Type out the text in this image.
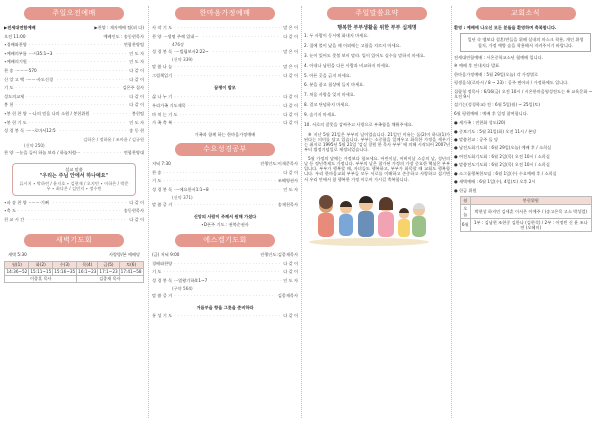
주일오전예배
▶전세대연합예배	▶찬양 : 제자예배 팀(외 다)
오전 11:00	예배인도 : 송동현목사
∙경배와찬양 · · ·	연합찬양팀
∙예배의부름 ···시35:1~3 · · ·	인 도 자
∙예배의기원 · · ·	인 도 자
찬 송 ··········570 · · ·	다 같 이
신 앙 고 백 ········사도신경 · · ·	다 같 이
기 도 · · ·	김은주 집사
성도의교제 · · ·	다 같 이
봉 헌 · · ·	다 같 이
∙봉 헌 찬 양 ···나의 믿음 나의 소원 / 봉헌위원 · · ·	봉헌팀
∙봉 헌 기 도 · · ·	인 도 자
성 경 봉 독 ······로마서12:5 · · ·	송 동 현
김하은 / 정하윤 / 조아윤 / 김규원
(신약 250)
찬 양 ···눈을 들어 하늘 보라 / 하늘처럼··· · · ·	연합찬양대
설교 말씀
"우리는 주님 안에서 하나예요"
류시지 ∙ 박하린 / 윤지호 ∙ 김현재 / 오지민 ∙ 이하은 / 박준우 ∙ 최다은 / 김민지 ∙ 정수빈
∙파 송 찬 양 ·········기뻐 · · ·	다 같 이
∙축 도 · · ·	송동현목사
친 교 시 간 · · ·	다 같 이
새벽기도회
새벽 5:30	사랑방/본 예배당
월(1)	화(2)	수(3)	목(4)	금(5)	토(6)
14:36~52	15:11~15	15:16~35	16:1~23	17:1~23	17:41~58
이종훈 목사			김종재 목사		
한마음가정예배
사 작 기 도 · · ·	말 은 이
찬 양 ···생명 주께 있네··· · · ·	다 같 이
476장
성 경 봉 독 ····빌립보서2:22~ · · ·	말 은 이
(신약 339)
말 씀 나 눔 · · ·	말 은 이
그림책읽기 · · ·	다 같 이
꿈쟁이 밥모
삶 나 누 기 · · ·	다 같 이
우리가족 기도제목 · · ·	다 같 이
마 치 는 기 도 · · ·	다 같 이
가 족 축 복 · · ·	다 같 이
가족과 함께 하는 한마음가정예배
수요성경공부
저녁 7:30	진행인도:이재준목사
찬 송 · · ·	다 같 이
기 도 · · ·	조혜영권사
성 경 봉 독 ····에요한서1:1~8 · · ·	인 도 자
(신약 371)
말 씀 증 거 · · ·	송재천목사
신앙의 사람이 주께서 원해 가셨다
∙D폰주 기도 : 권북순권사
에스겔기도회
(금) 저녁 9:00	진행인도:김종재목사
경배와찬양 · · ·	다 같 이
기 도 · · ·	다 같 이
성 경 봉 독 ···열왕기하4:1~7 · · ·	인 도 자
(구약 564)
말 씀 증 거 · · ·	김종재목사
거듭부을 향을 그릇을 준비하라
통 성 기 도 · · ·	다 같 이
주일말씀요약
행복한 부부생활을 위한 부부 십계명

1. 두 사람이 동시에 화내지 마세요.

2. 집에 불이 났을 때 이외에는 고함을 지르지 마세요.

3. 눈이 있어도 못볼 보이 말라. 입이 있어도 실수를 말하지 마세요.

4. 아내나 남편을 다른 사람과 비교하지 마세요.

5. 아픈 곳을 긁지 마세요.

6. 분을 품고 침상에 들지 마세요.

7. 처음 사랑을 잊지 마세요.

8. 결코 단념하지 마세요.

9. 숨기지 마세요.

10. 서로의 잘못을 감싸주고 사랑으로 부족함을 채워주세요.

※ 지난 5월 21일은 부부의 날이었습니다. 21일인 이유는 둘(2)이 하나(1)가 된다는 의미를 담고 있습니다. 부부는 소중함을 일깨우고 화목한 가정을 세우기는 취지로 1995년 5월 21일 '감실 창원 한 목사 부부' 에 의해 시작되어 2007년부터 법정기념일로 제정되었습니다.

5월 가정의 달에는 가정보다 힘쓰세요. 어린이날, 어버이날 스승의 날, 성년의날 등 정년축제도 가정니다. 부부의 날은 참가된 가정의 가장 중요한 핵심은 부부입니다. 부부가 행복할 때, 자녀들도 행복하고, 부부가 화목할 때 교회도 행복합니다. 우리 한마음교회 부부들 모두 서로를 이해하고 존중하고 사랑하고 섬기면서 우리 안에서 참 행복한 가정 이루어 가시길 축복합니다.

교회소식
환영 : 예배에 나오신 모든 분들을 환영하며 축복합니다.
일년 속 앰보다 결혼/만들을 위해 실내의 마스크 착용, 개인 위생 철저, 가정 예방 숨을 착용해서 지켜주시기 바랍니다.
전세대연합예배 : 시온중학교소년 협예배 입니다.
※ 예배 후 안내지다 발표
한마음가정예배 : 5월 29일(오늘) 각 가정별로
평생음식(로마서 / 8 ~ 23) : 공주 면아파 / 가정하에도 입니다.
집합청 정목사 : 6/16(금) 오전 10시 / 시온한마음영성전도는 ※ 교육문화 ~ 오전 9시
섬기는(성경학교) 전 : 6월 5일(월) ~ 25일(토)
6월 평원예배 : 예배 후 일정 참여합니다.
● 새가족 : 진현화 성도(20)
● 중보기도 : 5월 31일(화) 오전 11시 / 본당
● 말씀친교 : 공주 둘 당
● 남전도회기도회 : 6월 29일(오늘) 예배 후 / 소희실
● 여전도회기도회 : 6월 2일(목) 오전 10시 / 소희실
● 말씀전도기도회 : 6월 2일(목) 오전 10시 / 소희실
● 소그룹행복한모임 : 6월 1일(수) 수요예배 후 / 소희실
● 새벽예배 : 6월 1일(수), 4일(토) 오후 2시
● 헌금 위원
월	봉헌위원
오늘	박현상 하지민 김세훈 이서은 이예주 / (송고은목 고소 박성렬)
6월	1부 : 김남현 조현중 김한나 (김현석) / 2부 : 이정빈 신 윤 조나연 (오혜미)
